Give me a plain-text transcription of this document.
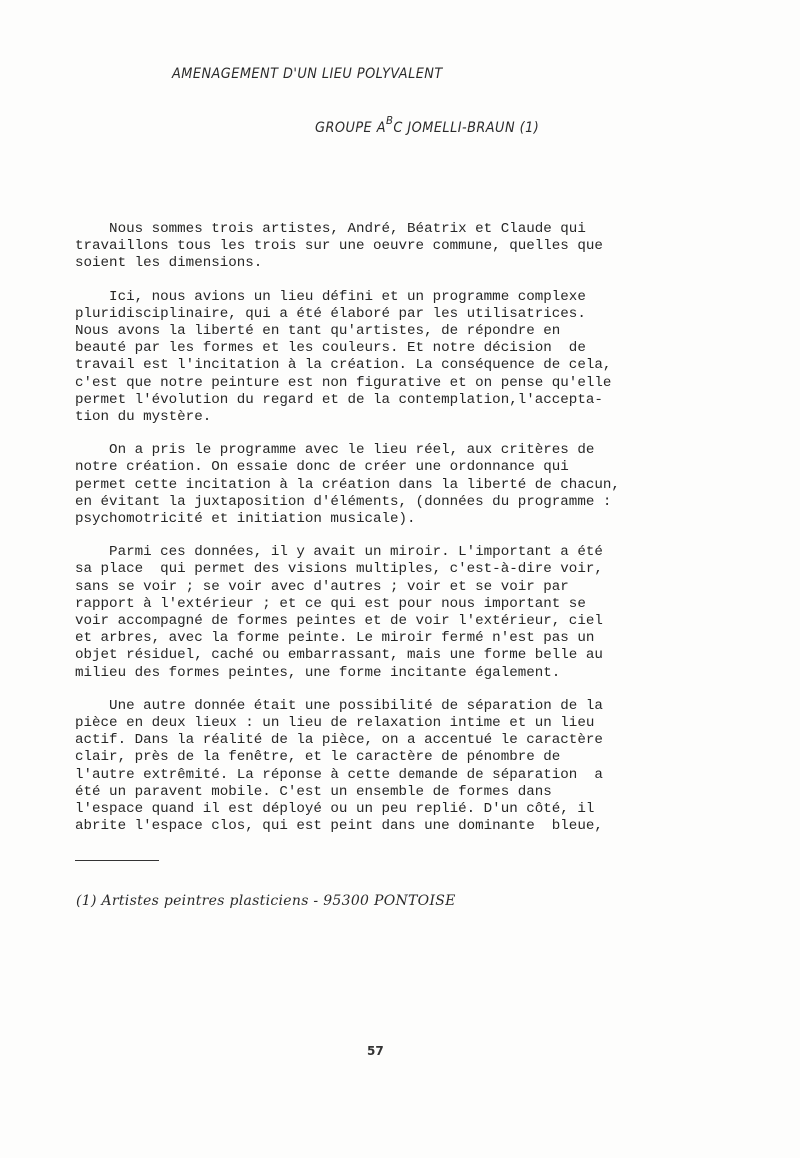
AMENAGEMENT D'UN LIEU POLYVALENT
GROUPE $A^BC$ JOMELLI-BRAUN (1)

Nous sommes trois artistes, André, Béatrix et Claude qui
travaillons tous les trois sur une oeuvre commune, quelles que
soient les dimensions.

Ici, nous avions un lieu défini et un programme complexe
pluridisciplinaire, qui a été élaboré par les utilisatrices.
Nous avons la liberté en tant qu'artistes, de répondre en
beauté par les formes et les couleurs. Et notre décision  de
travail est l'incitation à la création. La conséquence de cela,
c'est que notre peinture est non figurative et on pense qu'elle
permet l'évolution du regard et de la contemplation,l'accepta-
tion du mystère.

On a pris le programme avec le lieu réel, aux critères de
notre création. On essaie donc de créer une ordonnance qui
permet cette incitation à la création dans la liberté de chacun,
en évitant la juxtaposition d'éléments, (données du programme :
psychomotricité et initiation musicale).

Parmi ces données, il y avait un miroir. L'important a été
sa place  qui permet des visions multiples, c'est-à-dire voir,
sans se voir ; se voir avec d'autres ; voir et se voir par
rapport à l'extérieur ; et ce qui est pour nous important se
voir accompagné de formes peintes et de voir l'extérieur, ciel
et arbres, avec la forme peinte. Le miroir fermé n'est pas un
objet résiduel, caché ou embarrassant, mais une forme belle au
milieu des formes peintes, une forme incitante également.

Une autre donnée était une possibilité de séparation de la
pièce en deux lieux : un lieu de relaxation intime et un lieu
actif. Dans la réalité de la pièce, on a accentué le caractère
clair, près de la fenêtre, et le caractère de pénombre de
l'autre extrêmité. La réponse à cette demande de séparation  a
été un paravent mobile. C'est un ensemble de formes dans
l'espace quand il est déployé ou un peu replié. D'un côté, il
abrite l'espace clos, qui est peint dans une dominante  bleue,

(1) Artistes peintres plasticiens - 95300 PONTOISE
57
